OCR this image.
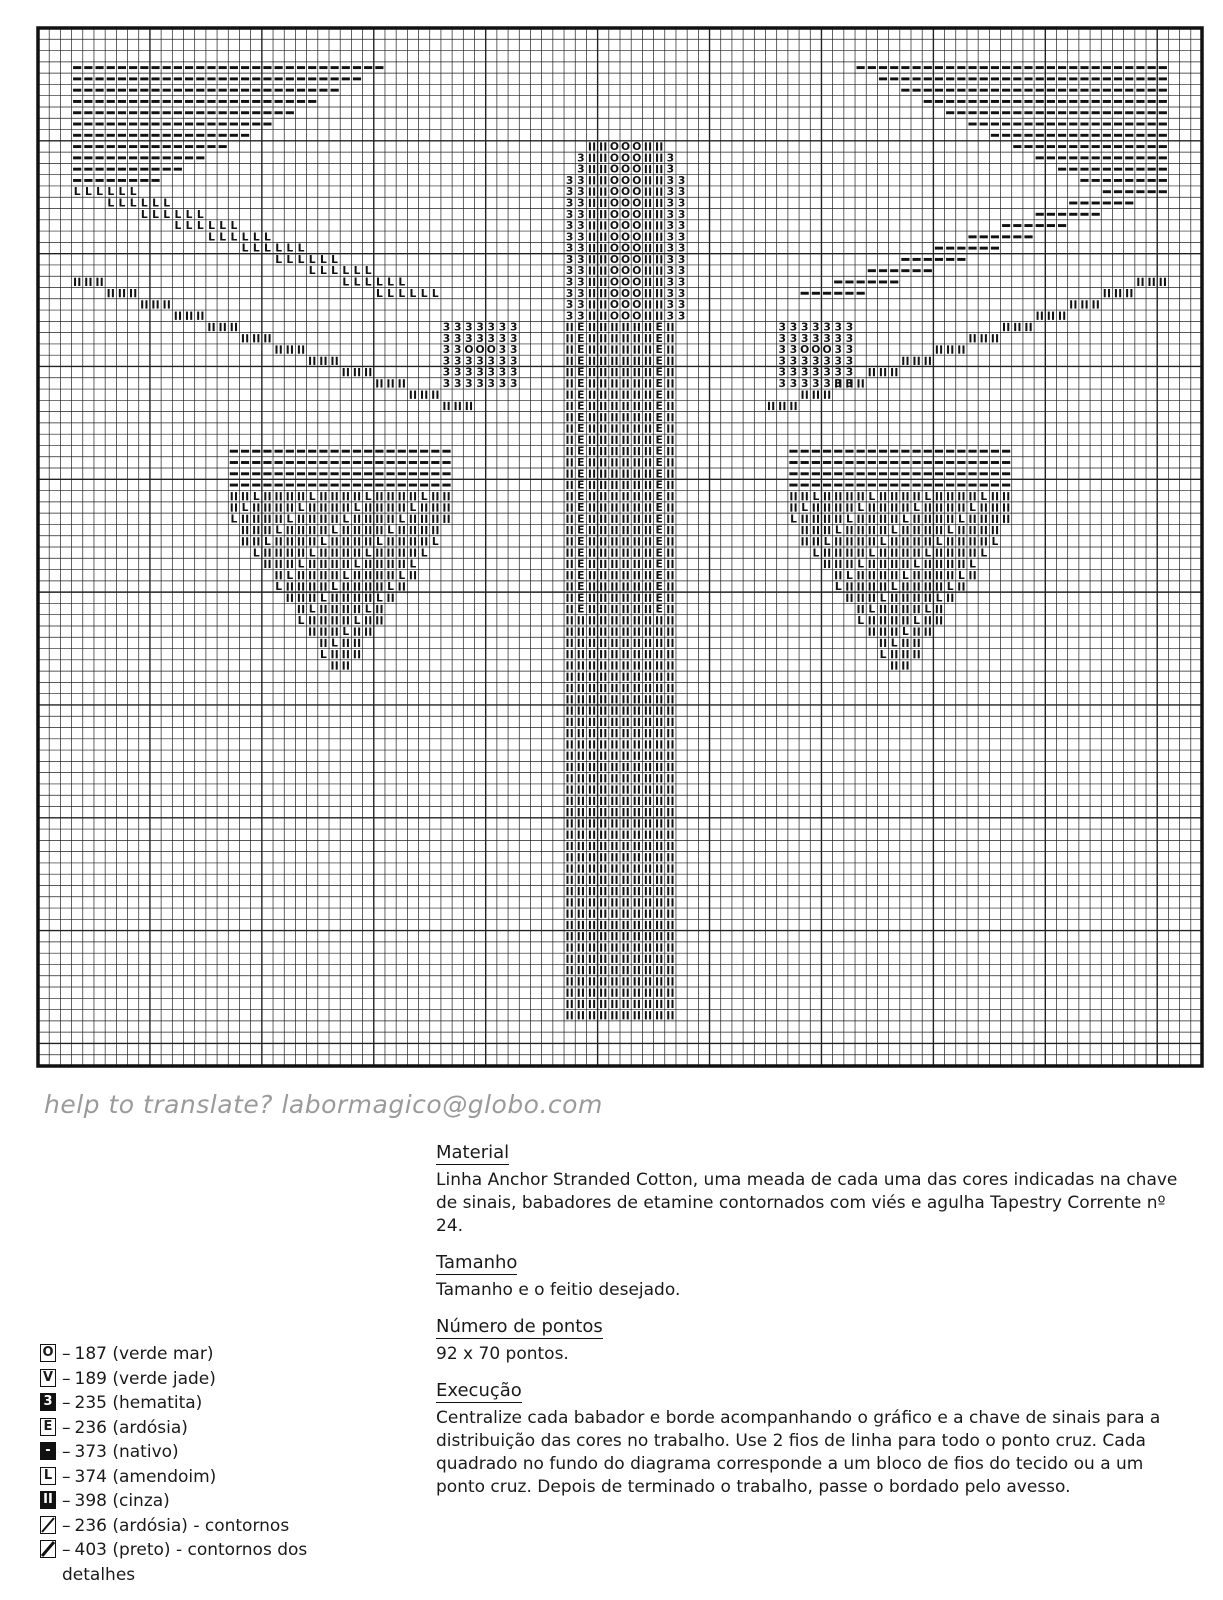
L L L L L L
L L L L L L
L L L L L L
L L L L L L
L L L L L L
L L L L L L
L L L L L L
L L L L L L
L L L L L L
L L L L L L
O O O
3 O O O 3
3 O O O 3
3 3 O O O 3 3
3 3 O O O 3 3
3 3 O O O 3 3
3 3 O O O 3 3
3 3 O O O 3 3
3 3 O O O 3 3
3 3 O O O 3 3
3 3 O O O 3 3
3 3 O O O 3 3
3 3 O O O 3 3
3 3 O O O 3 3
3 3 O O O 3 3
3 3 O O O 3 3
3 3 3 3 3 3 3
3 3 3 3 3 3 3
3 3 O O O 3 3
3 3 3 3 3 3 3
3 3 3 3 3 3 3
3 3 3 3 3 3 3
3 3 3 3 3 3 3
3 3 3 3 3 3 3
3 3 O O O 3 3
3 3 3 3 3 3 3
3 3 3 3 3 3 3
3 3 3 3 3 3 3
E	E
E	E
E	E
E	E
E	E
E	E
E	E
E	E
E	E
E	E
E	E
E	E
E	E
E	E
E	E
E	E
E	E
E	E
E	E
E	E
E	E
E	E
E	E
E	E
E	E
E	E
L	L	L	L
L	L	L	L
L	L	L	L
L	L	L
L	L	L	L
L	L	L	L
L	L	L
L	L	L
L	L	L
L	L
L	L
L	L
L
L
L
L	L	L	L
L	L	L	L
L	L	L	L
L	L	L
L	L	L	L
L	L	L	L
L	L	L
L	L	L
L	L	L
L	L
L	L
L	L
L
L
L
help to translate? labormagico@globo.com
O – 187
(verde mar)
V – 189
(verde jade)
3 – 235
(hematita)
E – 236
(ardósia)
- – 373
(nativo)
L – 374
(amendoim)
II – 398
(cinza)
– 236
(ardósia) - contornos
– 403
(preto) - contornos dos
detalhes
Material

Linha Anchor Stranded Cotton, uma meada de cada uma das cores indicadas na chave de sinais, babadores de etamine contornados com viés e agulha Tapestry Corrente nº 24.

Tamanho

Tamanho e o feitio desejado.

Número de pontos

92 x 70 pontos.

Execução

Centralize cada babador e borde acompanhando o gráfico e a chave de sinais para a distribuição das cores no trabalho. Use 2 fios de linha para todo o ponto cruz. Cada quadrado no fundo do diagrama corresponde a um bloco de fios do tecido ou a um ponto cruz. Depois de terminado o trabalho, passe o bordado pelo avesso.
